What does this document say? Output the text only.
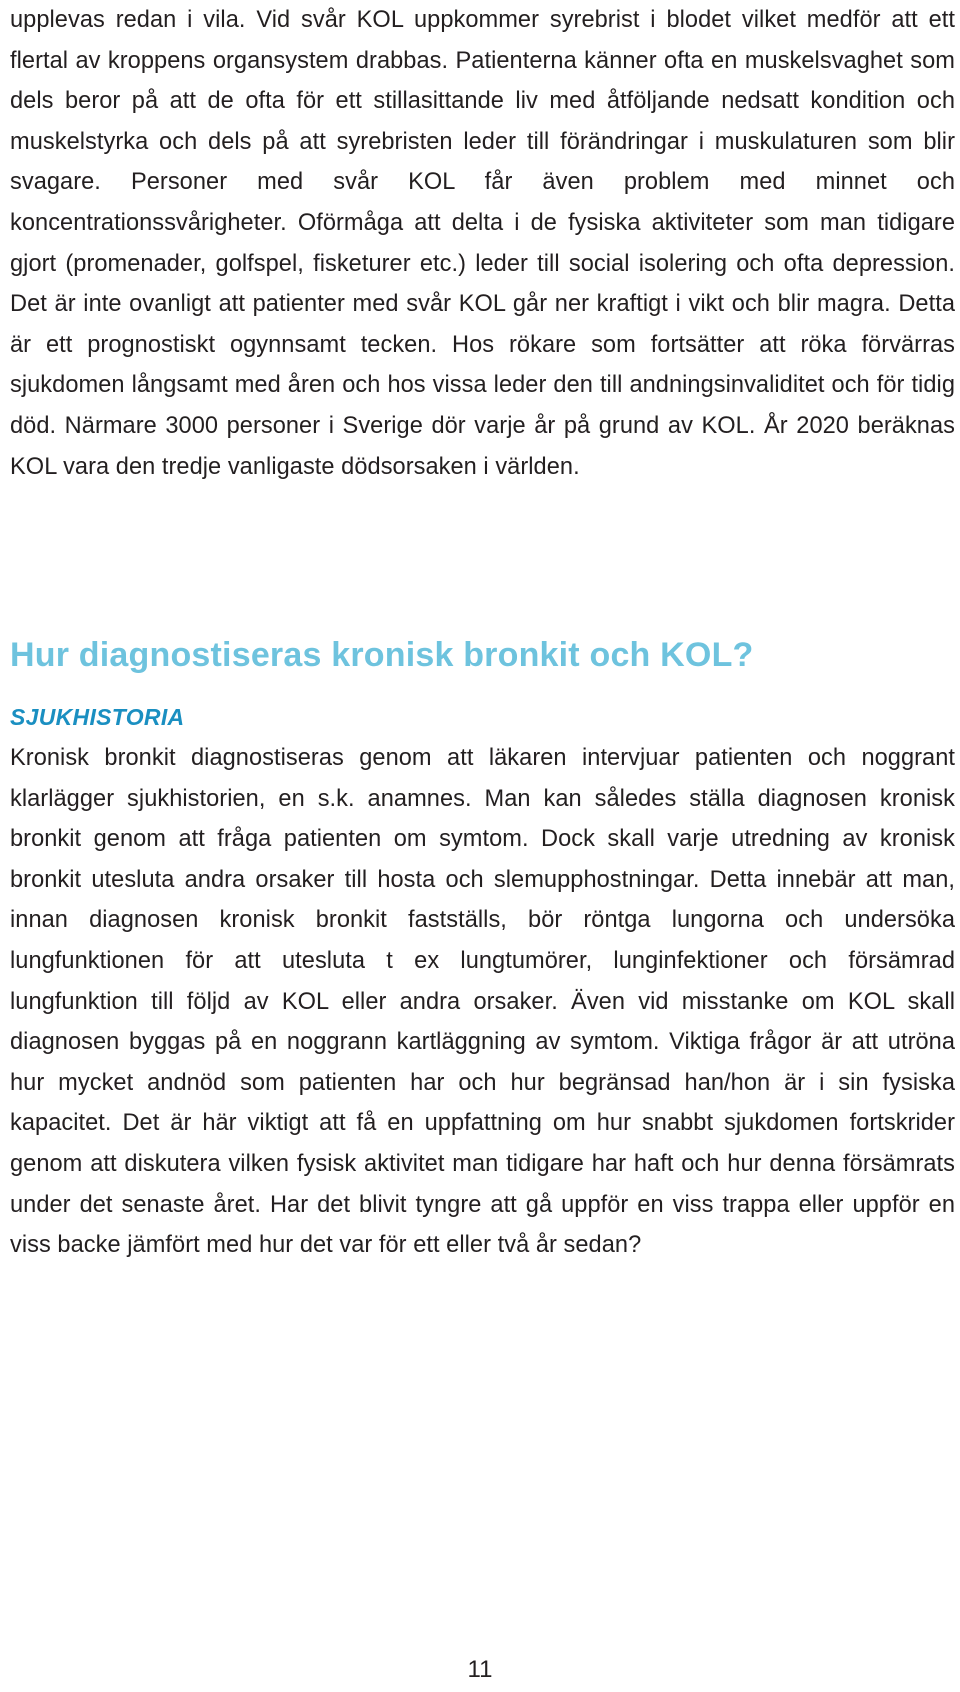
upplevas redan i vila. Vid svår KOL uppkommer syrebrist i blodet vilket medför att ett flertal av kroppens organsystem drabbas. Patienterna känner ofta en muskelsvaghet som dels beror på att de ofta för ett stillasittande liv med åtföljande nedsatt kondition och muskelstyrka och dels på att syrebristen leder till förändringar i muskulaturen som blir svagare. Personer med svår KOL får även problem med minnet och koncentrationssvårigheter. Oförmåga att delta i de fysiska aktiviteter som man tidigare gjort (promenader, golfspel, fisketurer etc.) leder till social isolering och ofta depression. Det är inte ovanligt att patienter med svår KOL går ner kraftigt i vikt och blir magra. Detta är ett prognostiskt ogynnsamt tecken. Hos rökare som fortsätter att röka förvärras sjukdomen långsamt med åren och hos vissa leder den till andningsinvaliditet och för tidig död. Närmare 3000 personer i Sverige dör varje år på grund av KOL. År 2020 beräknas KOL vara den tredje vanligaste dödsorsaken i världen.

Hur diagnostiseras kronisk bronkit och KOL?
SJUKHISTORIA

Kronisk bronkit diagnostiseras genom att läkaren intervjuar patienten och noggrant klarlägger sjukhistorien, en s.k. anamnes. Man kan således ställa diagnosen kronisk bronkit genom att fråga patienten om symtom. Dock skall varje utredning av kronisk bronkit utesluta andra orsaker till hosta och slemupphostningar. Detta innebär att man, innan diagnosen kronisk bronkit fastställs, bör röntga lungorna och undersöka lungfunktionen för att utesluta t ex lungtumörer, lunginfektioner och försämrad lungfunktion till följd av KOL eller andra orsaker. Även vid misstanke om KOL skall diagnosen byggas på en noggrann kartläggning av symtom. Viktiga frågor är att utröna hur mycket andnöd som patienten har och hur begränsad han/hon är i sin fysiska kapacitet. Det är här viktigt att få en uppfattning om hur snabbt sjukdomen fortskrider genom att diskutera vilken fysisk aktivitet man tidigare har haft och hur denna försämrats under det senaste året. Har det blivit tyngre att gå uppför en viss trappa eller uppför en viss backe jämfört med hur det var för ett eller två år sedan?

11
